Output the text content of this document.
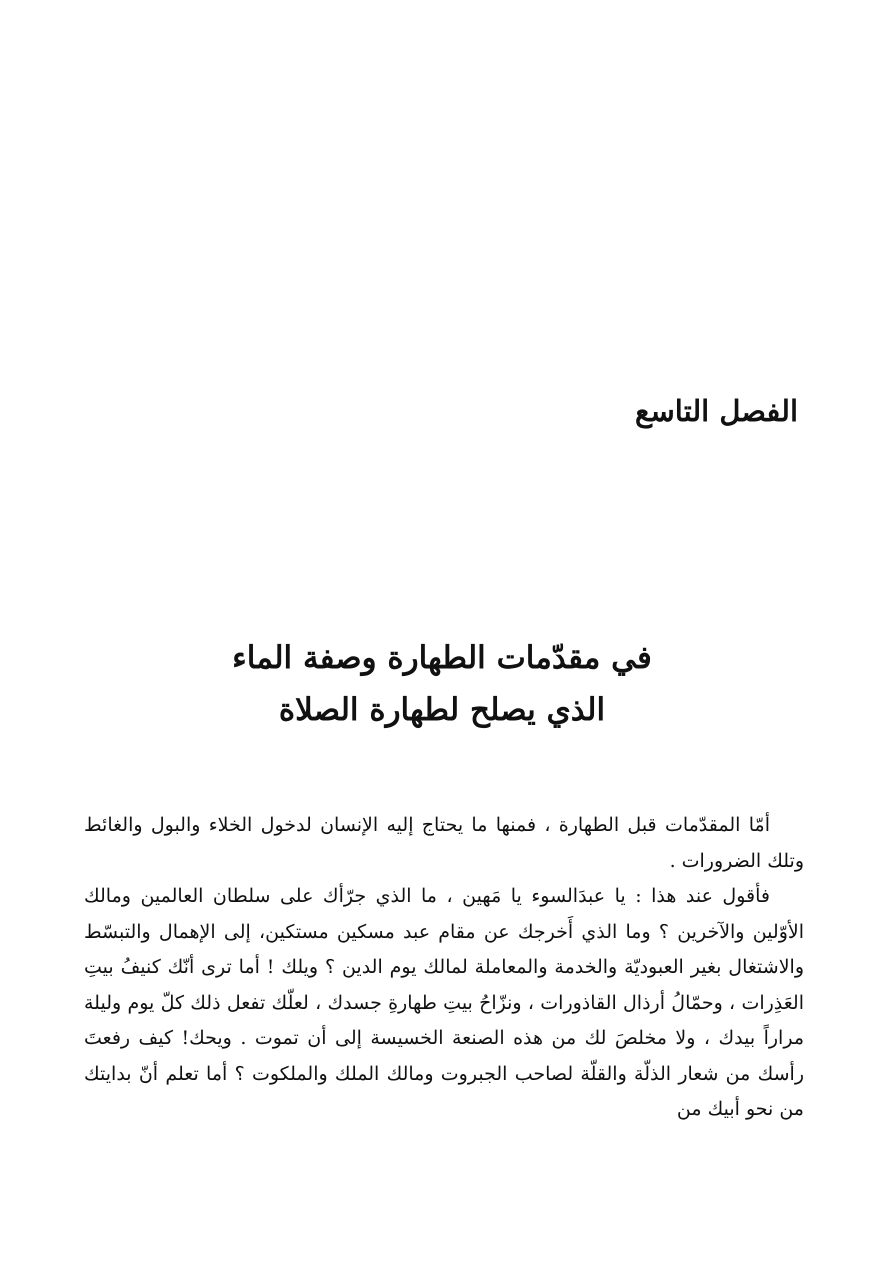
الفصل التاسع
في مقدّمات الطهارة وصفة الماء
الذي يصلح لطهارة الصلاة

أمّا المقدّمات قبل الطهارة ، فمنها ما يحتاج إليه الإنسان لدخول الخلاء والبول والغائط وتلك الضرورات .

فأقول عند هذا : يا عبدَالسوء يا مَهين ، ما الذي جرّأك على سلطان العالمين ومالك الأوّلين والآخرين ؟ وما الذي أَخرجك عن مقام عبد مسكين مستكين، إلى الإهمال والتبسّط والاشتغال بغير العبوديّة والخدمة والمعاملة لمالك يوم الدين ؟ ويلك ! أما ترى أنّك كنيفُ بيتِ العَذِرات ، وحمّالُ أرذال القاذورات ، ونزّاحُ بيتِ طهارةِ جسدك ، لعلّك تفعل ذلك كلّ يوم وليلة مراراً بيدك ، ولا مخلصَ لك من هذه الصنعة الخسيسة إلى أن تموت . ويحك! كيف رفعتَ رأسك من شعار الذلّة والقلّة لصاحب الجبروت ومالك الملك والملكوت ؟ أما تعلم أنّ بدايتك من نحو أبيك من
